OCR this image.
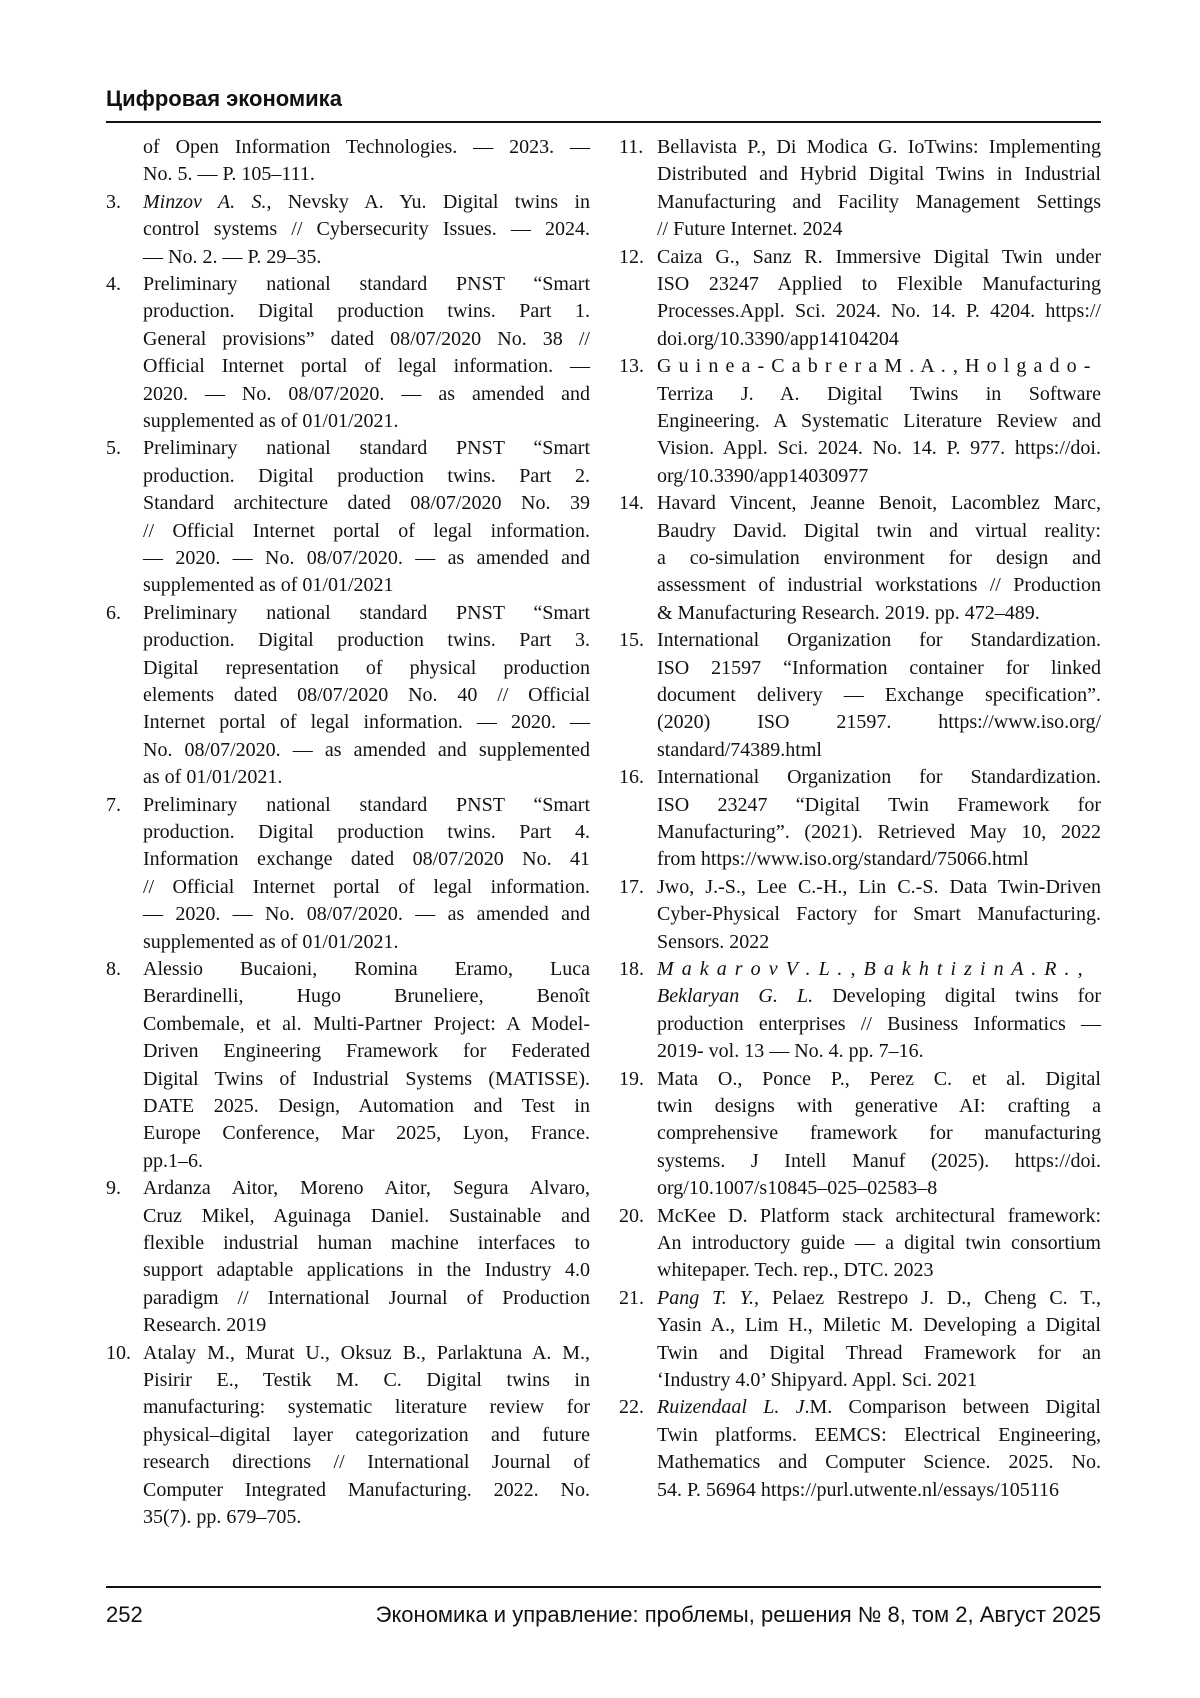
Цифровая экономика
of Open Information Technologies. — 2023. —
No. 5. — P. 105–111.
3. Minzov A. S., Nevsky A. Yu. Digital twins in
control systems // Cybersecurity Issues. — 2024.
— No. 2. — P. 29–35.
4. Preliminary national standard PNST “Smart
production. Digital production twins. Part 1.
General provisions” dated 08/07/2020 No. 38 //
Official Internet portal of legal information. —
2020. — No. 08/07/2020. — as amended and
supplemented as of 01/01/2021.
5. Preliminary national standard PNST “Smart
production. Digital production twins. Part 2.
Standard architecture dated 08/07/2020 No. 39
// Official Internet portal of legal information.
— 2020. — No. 08/07/2020. — as amended and
supplemented as of 01/01/2021
6. Preliminary national standard PNST “Smart
production. Digital production twins. Part 3.
Digital representation of physical production
elements dated 08/07/2020 No. 40 // Official
Internet portal of legal information. — 2020. —
No. 08/07/2020. — as amended and supplemented
as of 01/01/2021.
7. Preliminary national standard PNST “Smart
production. Digital production twins. Part 4.
Information exchange dated 08/07/2020 No. 41
// Official Internet portal of legal information.
— 2020. — No. 08/07/2020. — as amended and
supplemented as of 01/01/2021.
8. Alessio Bucaioni, Romina Eramo, Luca
Berardinelli, Hugo Bruneliere, Benoît
Combemale, et al. Multi-Partner Project: A Model-
Driven Engineering Framework for Federated
Digital Twins of Industrial Systems (MATISSE).
DATE 2025. Design, Automation and Test in
Europe Conference, Mar 2025, Lyon, France.
pp.1–6.
9. Ardanza Aitor, Moreno Aitor, Segura Alvaro,
Cruz Mikel, Aguinaga Daniel. Sustainable and
flexible industrial human machine interfaces to
support adaptable applications in the Industry 4.0
paradigm // International Journal of Production
Research. 2019
10. Atalay M., Murat U., Oksuz B., Parlaktuna A. M.,
Pisirir E., Testik M. C. Digital twins in
manufacturing: systematic literature review for
physical–digital layer categorization and future
research directions // International Journal of
Computer Integrated Manufacturing. 2022. No.
35(7). pp. 679–705.
11. Bellavista P., Di Modica G. IoTwins: Implementing
Distributed and Hybrid Digital Twins in Industrial
Manufacturing and Facility Management Settings
// Future Internet. 2024
12. Caiza G., Sanz R. Immersive Digital Twin under
ISO 23247 Applied to Flexible Manufacturing
Processes.Appl. Sci. 2024. No. 14. P. 4204. https://
doi.org/10.3390/app14104204
13. G u i n e a - C a b r e r a M . A . , H o l g a d o -
Terriza J. A. Digital Twins in Software
Engineering. A Systematic Literature Review and
Vision. Appl. Sci. 2024. No. 14. P. 977. https://doi.
org/10.3390/app14030977
14. Havard Vincent, Jeanne Benoit, Lacomblez Marc,
Baudry David. Digital twin and virtual reality:
a co-simulation environment for design and
assessment of industrial workstations // Production
& Manufacturing Research. 2019. pp. 472–489.
15. International Organization for Standardization.
ISO 21597 “Information container for linked
document delivery — Exchange specification”.
(2020) ISO 21597. https://www.iso.org/
standard/74389.html
16. International Organization for Standardization.
ISO 23247 “Digital Twin Framework for
Manufacturing”. (2021). Retrieved May 10, 2022
from https://www.iso.org/standard/75066.html
17. Jwo, J.-S., Lee C.-H., Lin C.-S. Data Twin-Driven
Cyber-Physical Factory for Smart Manufacturing.
Sensors. 2022
18. M a k a r o v V . L . , B a k h t i z i n A . R . ,
Beklaryan G. L. Developing digital twins for
production enterprises // Business Informatics —
2019- vol. 13 — No. 4. pp. 7–16.
19. Mata O., Ponce P., Perez C. et al. Digital
twin designs with generative AI: crafting a
comprehensive framework for manufacturing
systems. J Intell Manuf (2025). https://doi.
org/10.1007/s10845–025–02583–8
20. McKee D. Platform stack architectural framework:
An introductory guide — a digital twin consortium
whitepaper. Tech. rep., DTC. 2023
21. Pang T. Y., Pelaez Restrepo J. D., Cheng C. T.,
Yasin A., Lim H., Miletic M. Developing a Digital
Twin and Digital Thread Framework for an
‘Industry 4.0’ Shipyard. Appl. Sci. 2021
22. Ruizendaal L. J.M. Comparison between Digital
Twin platforms. EEMCS: Electrical Engineering,
Mathematics and Computer Science. 2025. No.
54. P. 56964 https://purl.utwente.nl/essays/105116
252	Экономика и управление: проблемы, решения № 8, том 2, Август 2025
